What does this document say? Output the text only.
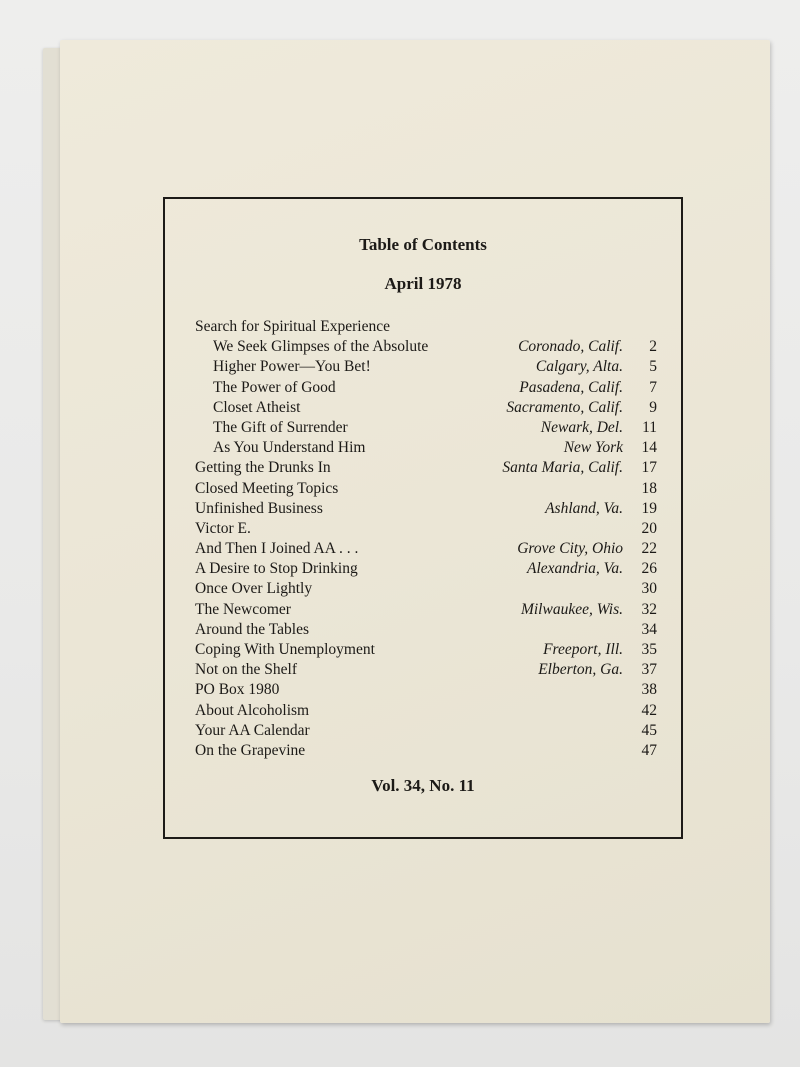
Table of Contents
April 1978
Search for Spiritual Experience
We Seek Glimpses of the Absolute	Coronado, Calif.	2
Higher Power—You Bet!	Calgary, Alta.	5
The Power of Good	Pasadena, Calif.	7
Closet Atheist	Sacramento, Calif.	9
The Gift of Surrender	Newark, Del.	11
As You Understand Him	New York	14
Getting the Drunks In	Santa Maria, Calif.	17
Closed Meeting Topics	18
Unfinished Business	Ashland, Va.	19
Victor E.	20
And Then I Joined AA . . .	Grove City, Ohio	22
A Desire to Stop Drinking	Alexandria, Va.	26
Once Over Lightly	30
The Newcomer	Milwaukee, Wis.	32
Around the Tables	34
Coping With Unemployment	Freeport, Ill.	35
Not on the Shelf	Elberton, Ga.	37
PO Box 1980	38
About Alcoholism	42
Your AA Calendar	45
On the Grapevine	47
Vol. 34, No. 11
